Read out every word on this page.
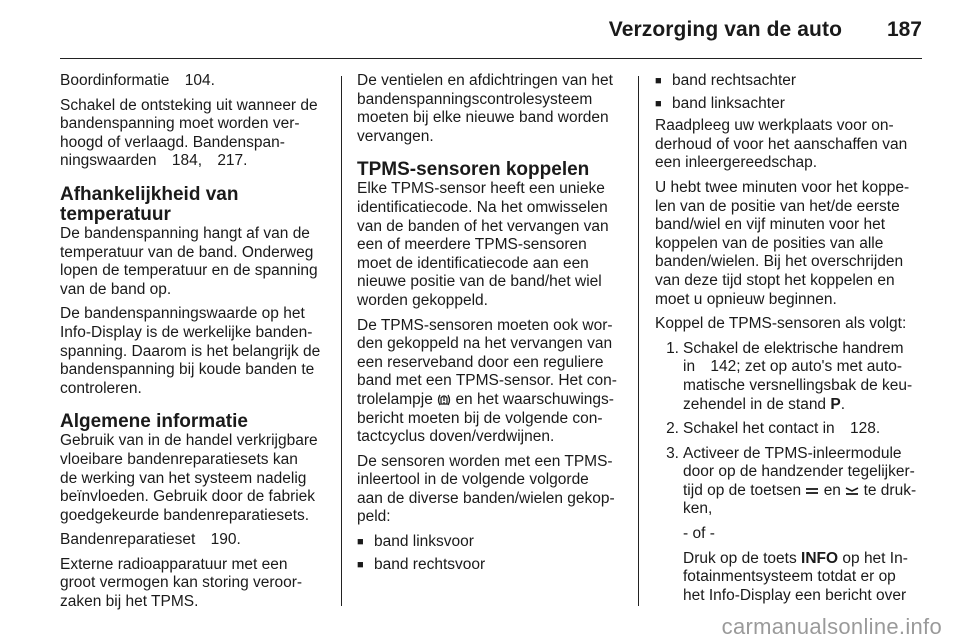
Verzorging van de auto 187

Boordinformatie 104.

Schakel de ontsteking uit wanneer de
bandenspanning moet worden ver-
hoogd of verlaagd. Bandenspan-
ningswaarden 184, 217.

Afhankelijkheid van
temperatuur

De bandenspanning hangt af van de
temperatuur van de band. Onderweg
lopen de temperatuur en de spanning
van de band op.

De bandenspanningswaarde op het
Info-Display is de werkelijke banden-
spanning. Daarom is het belangrijk de
bandenspanning bij koude banden te
controleren.

Algemene informatie

Gebruik van in de handel verkrijgbare
vloeibare bandenreparatiesets kan
de werking van het systeem nadelig
beïnvloeden. Gebruik door de fabriek
goedgekeurde bandenreparatiesets.

Bandenreparatieset 190.

Externe radioapparatuur met een
groot vermogen kan storing veroor-
zaken bij het TPMS.

De ventielen en afdichtringen van het
bandenspanningscontrolesysteem
moeten bij elke nieuwe band worden
vervangen.

TPMS-sensoren koppelen

Elke TPMS-sensor heeft een unieke
identificatiecode. Na het omwisselen
van de banden of het vervangen van
een of meerdere TPMS-sensoren
moet de identificatiecode aan een
nieuwe positie van de band/het wiel
worden gekoppeld.

De TPMS-sensoren moeten ook wor-
den gekoppeld na het vervangen van
een reserveband door een reguliere
band met een TPMS-sensor. Het con-
trolelampje en het waarschuwings-
bericht moeten bij de volgende con-
tactcyclus doven/verdwijnen.

De sensoren worden met een TPMS-
inleertool in de volgende volgorde
aan de diverse banden/wielen gekop-
peld:

■ band linksvoor
■ band rechtsvoor
■ band rechtsachter
■ band linksachter

Raadpleeg uw werkplaats voor on-
derhoud of voor het aanschaffen van
een inleergereedschap.

U hebt twee minuten voor het koppe-
len van de positie van het/de eerste
band/wiel en vijf minuten voor het
koppelen van de posities van alle
banden/wielen. Bij het overschrijden
van deze tijd stopt het koppelen en
moet u opnieuw beginnen.

Koppel de TPMS-sensoren als volgt:

1. Schakel de elektrische handrem
in 142; zet op auto's met auto-
matische versnellingsbak de keu-
zehendel in de stand P.
2. Schakel het contact in 128.
3. Activeer de TPMS-inleermodule
door op de handzender tegelijker-
tijd op de toetsen en te druk-
ken,

- of -

Druk op de toets INFO op het In-
fotainmentsysteem totdat er op
het Info-Display een bericht over

carmanualsonline.info
